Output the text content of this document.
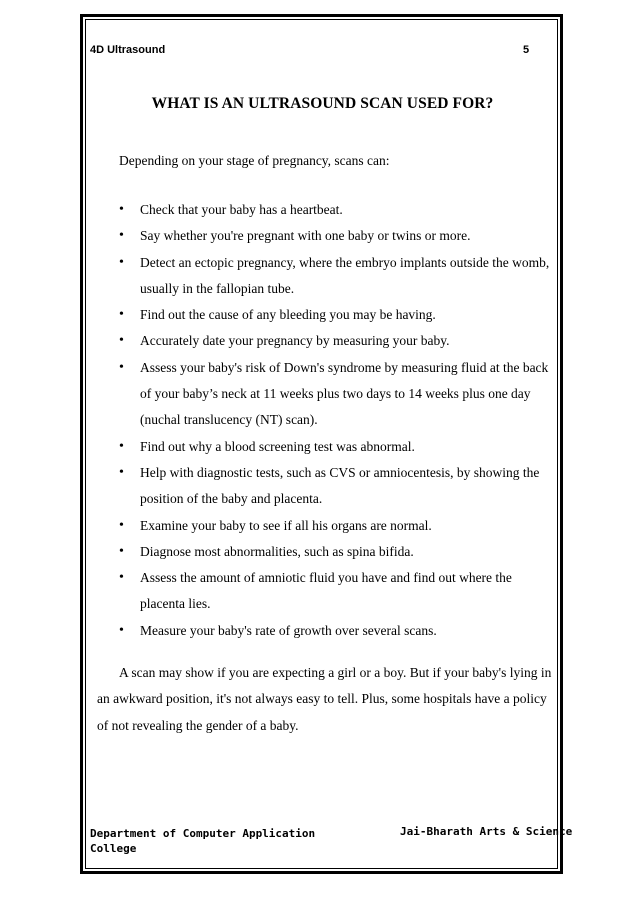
4D Ultrasound	5
WHAT IS AN ULTRASOUND SCAN USED FOR?
Depending on your stage of pregnancy, scans can:
• Check that your baby has a heartbeat.
• Say whether you're pregnant with one baby or twins or more.
• Detect an ectopic pregnancy, where the embryo implants outside the womb, usually in the fallopian tube.
• Find out the cause of any bleeding you may be having.
• Accurately date your pregnancy by measuring your baby.
• Assess your baby's risk of Down's syndrome by measuring fluid at the back of your baby’s neck at 11 weeks plus two days to 14 weeks plus one day (nuchal translucency (NT) scan).
• Find out why a blood screening test was abnormal.
• Help with diagnostic tests, such as CVS or amniocentesis, by showing the position of the baby and placenta.
• Examine your baby to see if all his organs are normal.
• Diagnose most abnormalities, such as spina bifida.
• Assess the amount of amniotic fluid you have and find out where the placenta lies.
• Measure your baby's rate of growth over several scans.

A scan may show if you are expecting a girl or a boy. But if your baby's lying in an awkward position, it's not always easy to tell. Plus, some hospitals have a policy of not revealing the gender of a baby.

Department of Computer Application	Jai-Bharath Arts & Science
College
